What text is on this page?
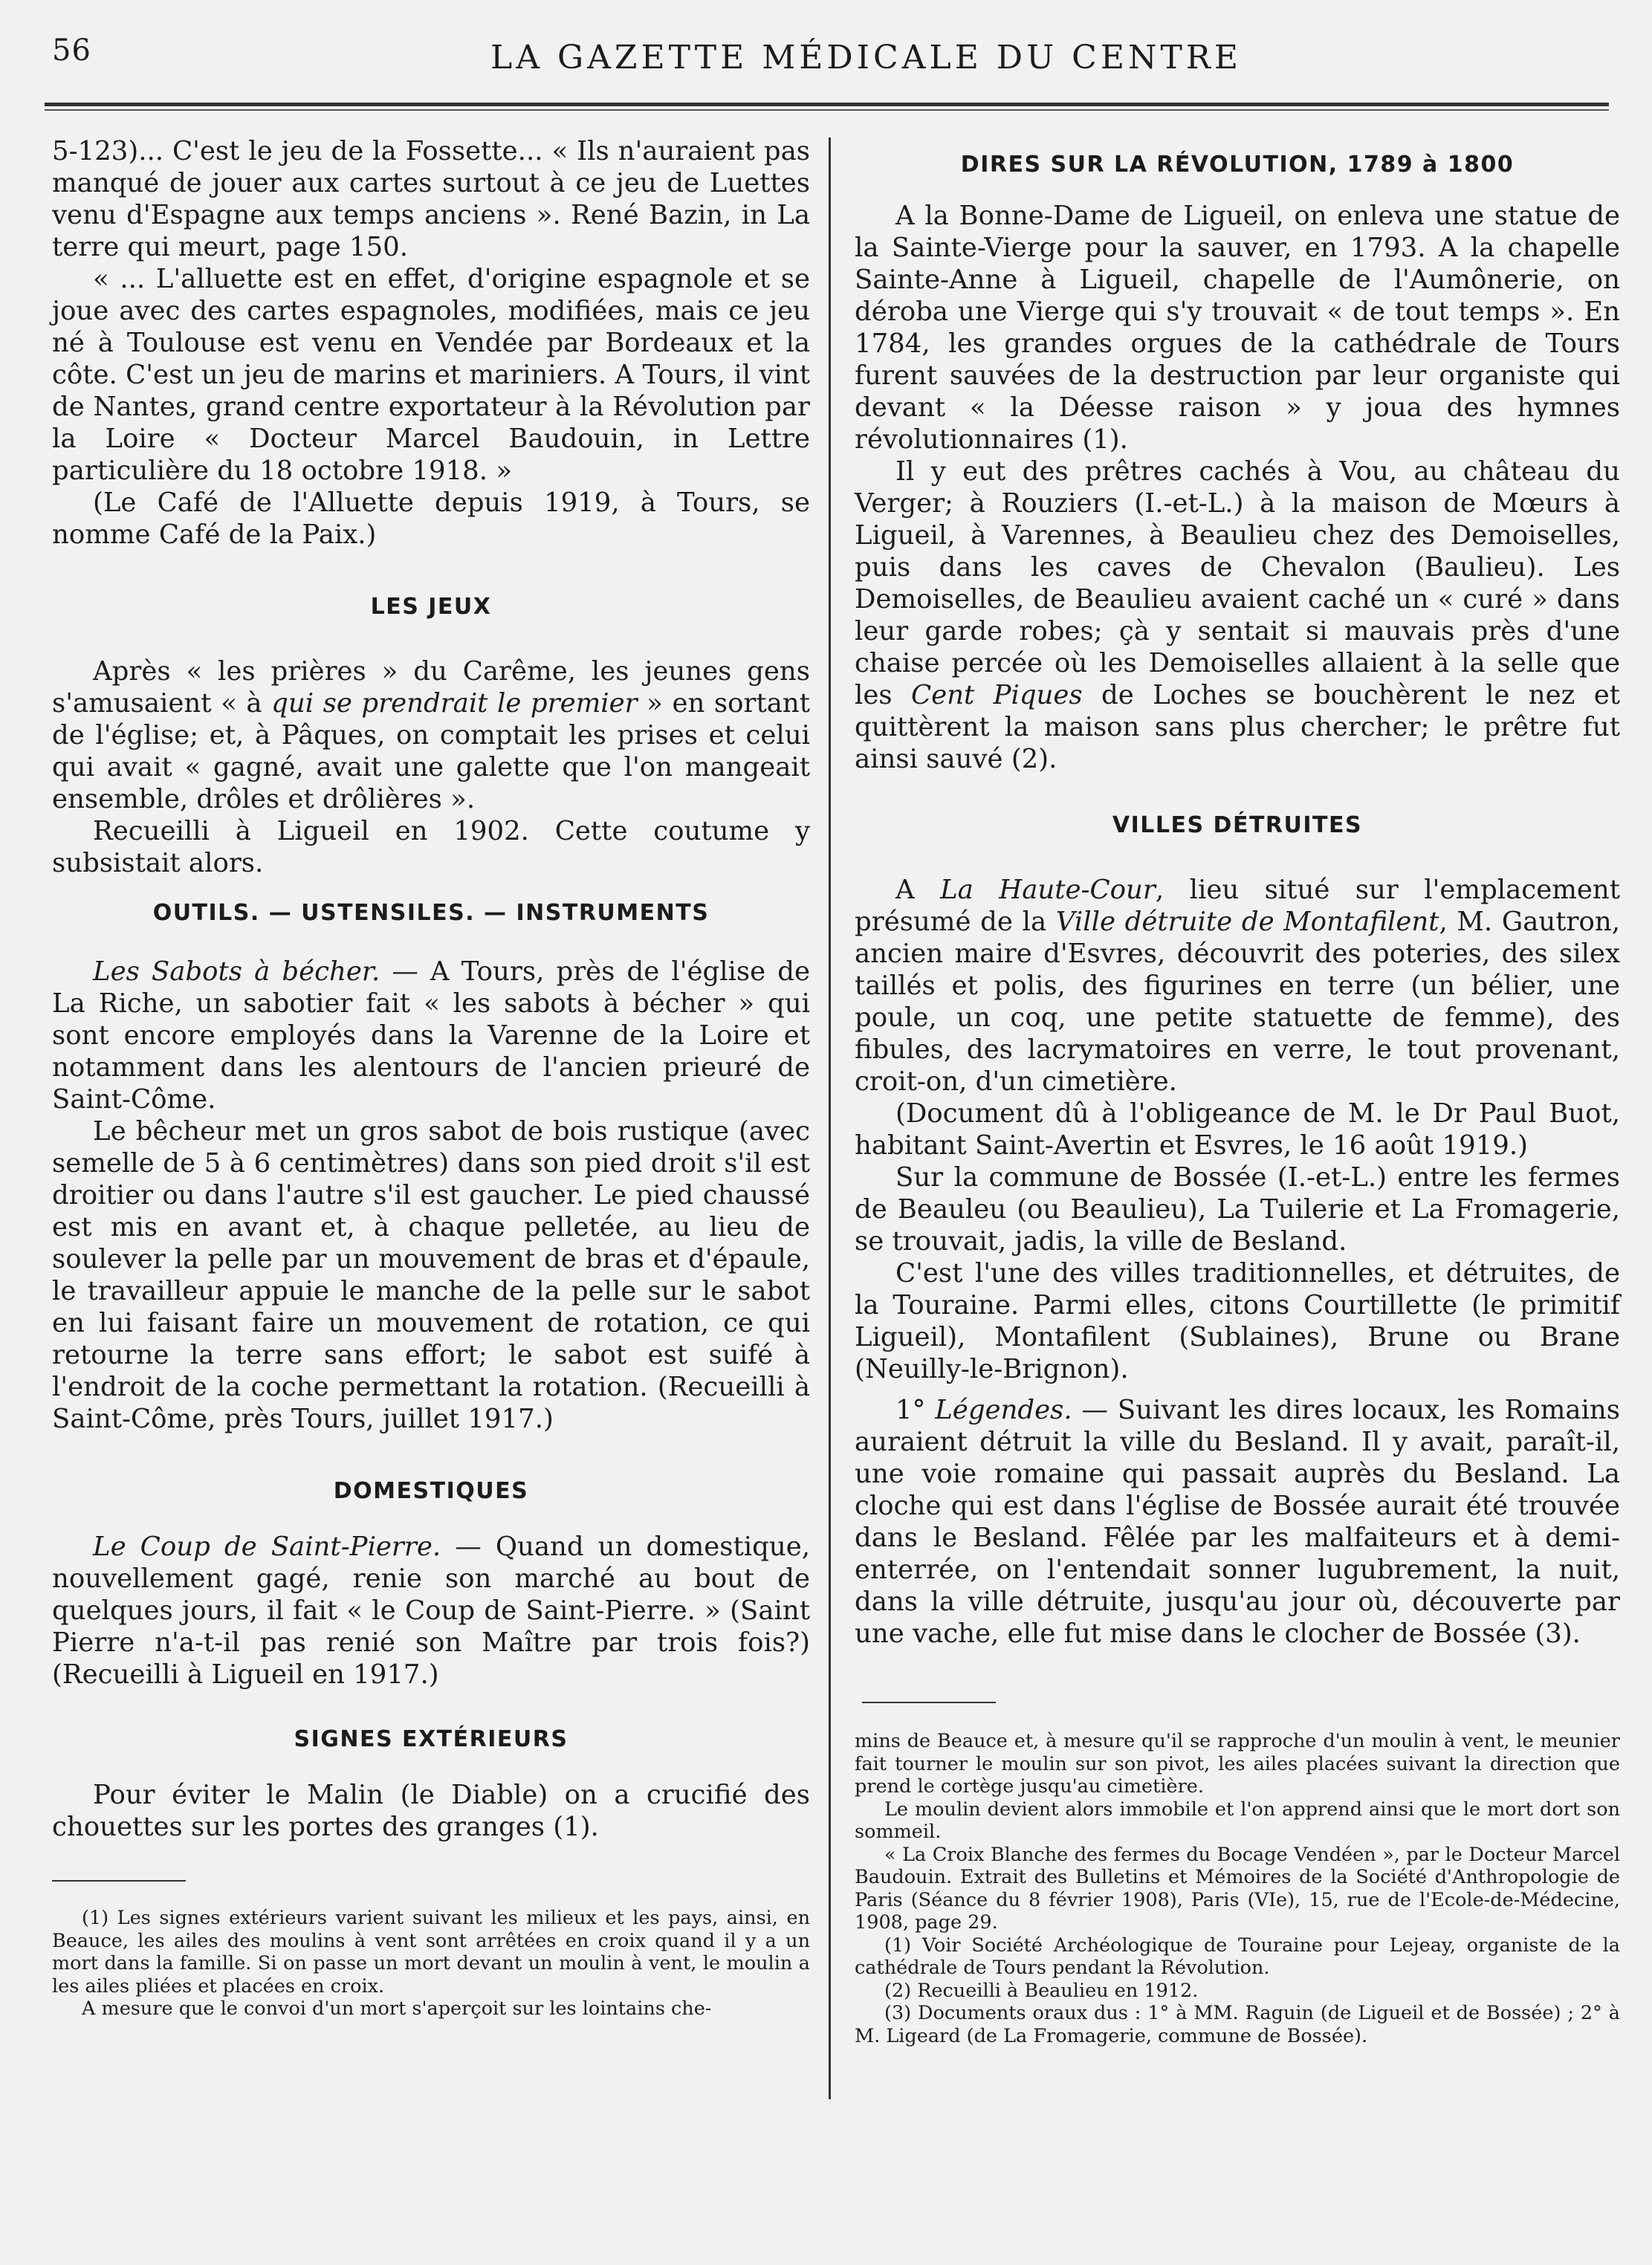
56	LA GAZETTE MÉDICALE DU CENTRE

5-123)... C'est le jeu de la Fossette... « Ils n'auraient pas manqué de jouer aux cartes surtout à ce jeu de Luettes venu d'Espagne aux temps anciens ». René Bazin, in La terre qui meurt, page 150.

« ... L'alluette est en effet, d'origine espagnole et se joue avec des cartes espagnoles, modifiées, mais ce jeu né à Toulouse est venu en Vendée par Bordeaux et la côte. C'est un jeu de marins et mariniers. A Tours, il vint de Nantes, grand centre exportateur à la Révolution par la Loire « Docteur Marcel Baudouin, in Lettre particulière du 18 octobre 1918. »

(Le Café de l'Alluette depuis 1919, à Tours, se nomme Café de la Paix.)

LES JEUX

Après « les prières » du Carême, les jeunes gens s'amusaient « à qui se prendrait le premier » en sortant de l'église; et, à Pâques, on comptait les prises et celui qui avait « gagné, avait une galette que l'on mangeait ensemble, drôles et drôlières ».

Recueilli à Ligueil en 1902. Cette coutume y subsistait alors.

OUTILS. — USTENSILES. — INSTRUMENTS

Les Sabots à bécher. — A Tours, près de l'église de La Riche, un sabotier fait « les sabots à bécher » qui sont encore employés dans la Varenne de la Loire et notamment dans les alentours de l'ancien prieuré de Saint-Côme.

Le bêcheur met un gros sabot de bois rustique (avec semelle de 5 à 6 centimètres) dans son pied droit s'il est droitier ou dans l'autre s'il est gaucher. Le pied chaussé est mis en avant et, à chaque pelletée, au lieu de soulever la pelle par un mouvement de bras et d'épaule, le travailleur appuie le manche de la pelle sur le sabot en lui faisant faire un mouvement de rotation, ce qui retourne la terre sans effort; le sabot est suifé à l'endroit de la coche permettant la rotation. (Recueilli à Saint-Côme, près Tours, juillet 1917.)

DOMESTIQUES

Le Coup de Saint-Pierre. — Quand un domestique, nouvellement gagé, renie son marché au bout de quelques jours, il fait « le Coup de Saint-Pierre. » (Saint Pierre n'a-t-il pas renié son Maître par trois fois?)(Recueilli à Ligueil en 1917.)

SIGNES EXTÉRIEURS

Pour éviter le Malin (le Diable) on a crucifié des chouettes sur les portes des granges (1).

(1) Les signes extérieurs varient suivant les milieux et les pays, ainsi, en Beauce, les ailes des moulins à vent sont arrêtées en croix quand il y a un mort dans la famille. Si on passe un mort devant un moulin à vent, le moulin a les ailes pliées et placées en croix.

A mesure que le convoi d'un mort s'aperçoit sur les lointains che-

DIRES SUR LA RÉVOLUTION, 1789 à 1800

A la Bonne-Dame de Ligueil, on enleva une statue de la Sainte-Vierge pour la sauver, en 1793. A la chapelle Sainte-Anne à Ligueil, chapelle de l'Aumônerie, on déroba une Vierge qui s'y trouvait « de tout temps ». En 1784, les grandes orgues de la cathédrale de Tours furent sauvées de la destruction par leur organiste qui devant « la Déesse raison » y joua des hymnes révolutionnaires (1).

Il y eut des prêtres cachés à Vou, au château du Verger; à Rouziers (I.-et-L.) à la maison de Mœurs à Ligueil, à Varennes, à Beaulieu chez des Demoiselles, puis dans les caves de Chevalon (Baulieu). Les Demoiselles, de Beaulieu avaient caché un « curé » dans leur garde robes; çà y sentait si mauvais près d'une chaise percée où les Demoiselles allaient à la selle que les Cent Piques de Loches se bouchèrent le nez et quittèrent la maison sans plus chercher; le prêtre fut ainsi sauvé (2).

VILLES DÉTRUITES

A La Haute-Cour, lieu situé sur l'emplacement présumé de la Ville détruite de Montafilent, M. Gautron, ancien maire d'Esvres, découvrit des poteries, des silex taillés et polis, des figurines en terre (un bélier, une poule, un coq, une petite statuette de femme), des fibules, des lacrymatoires en verre, le tout provenant, croit-on, d'un cimetière.

(Document dû à l'obligeance de M. le Dr Paul Buot, habitant Saint-Avertin et Esvres, le 16 août 1919.)

Sur la commune de Bossée (I.-et-L.) entre les fermes de Beauleu (ou Beaulieu), La Tuilerie et La Fromagerie, se trouvait, jadis, la ville de Besland.

C'est l'une des villes traditionnelles, et détruites, de la Touraine. Parmi elles, citons Courtillette (le primitif Ligueil), Montafilent (Sublaines), Brune ou Brane (Neuilly-le-Brignon).

1° Légendes. — Suivant les dires locaux, les Romains auraient détruit la ville du Besland. Il y avait, paraît-il, une voie romaine qui passait auprès du Besland. La cloche qui est dans l'église de Bossée aurait été trouvée dans le Besland. Fêlée par les malfaiteurs et à demi-enterrée, on l'entendait sonner lugubrement, la nuit, dans la ville détruite, jusqu'au jour où, découverte par une vache, elle fut mise dans le clocher de Bossée (3).

mins de Beauce et, à mesure qu'il se rapproche d'un moulin à vent, le meunier fait tourner le moulin sur son pivot, les ailes placées suivant la direction que prend le cortège jusqu'au cimetière.

Le moulin devient alors immobile et l'on apprend ainsi que le mort dort son sommeil.

« La Croix Blanche des fermes du Bocage Vendéen », par le Docteur Marcel Baudouin. Extrait des Bulletins et Mémoires de la Société d'Anthropologie de Paris (Séance du 8 février 1908), Paris (VIe), 15, rue de l'Ecole-de-Médecine, 1908, page 29.

(1) Voir Société Archéologique de Touraine pour Lejeay, organiste de la cathédrale de Tours pendant la Révolution.

(2) Recueilli à Beaulieu en 1912.

(3) Documents oraux dus : 1° à MM. Raguin (de Ligueil et de Bossée) ; 2° à M. Ligeard (de La Fromagerie, commune de Bossée).
